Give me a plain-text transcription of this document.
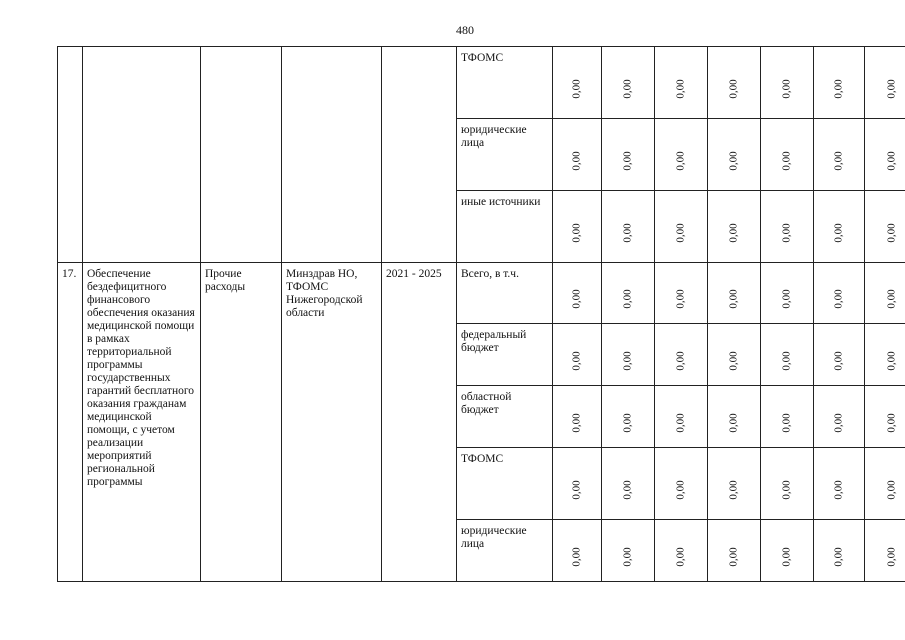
480

					ТФОМС	0,00	0,00	0,00	0,00	0,00	0,00	0,00

					юридические лица	0,00	0,00	0,00	0,00	0,00	0,00	0,00

					иные источники	0,00	0,00	0,00	0,00	0,00	0,00	0,00

17.	Обеспечение бездефицитного финансового обеспечения оказания медицинской помощи в рамках территориальной программы государственных гарантий бесплатного оказания гражданам медицинской помощи, с учетом реализации мероприятий региональной программы	Прочие расходы	Минздрав НО, ТФОМС Нижегородской области	2021 - 2025	Всего, в т.ч.	0,00	0,00	0,00	0,00	0,00	0,00	0,00

					федеральный бюджет	0,00	0,00	0,00	0,00	0,00	0,00	0,00

					областной бюджет	0,00	0,00	0,00	0,00	0,00	0,00	0,00

					ТФОМС	0,00	0,00	0,00	0,00	0,00	0,00	0,00

					юридические лица	0,00	0,00	0,00	0,00	0,00	0,00	0,00
